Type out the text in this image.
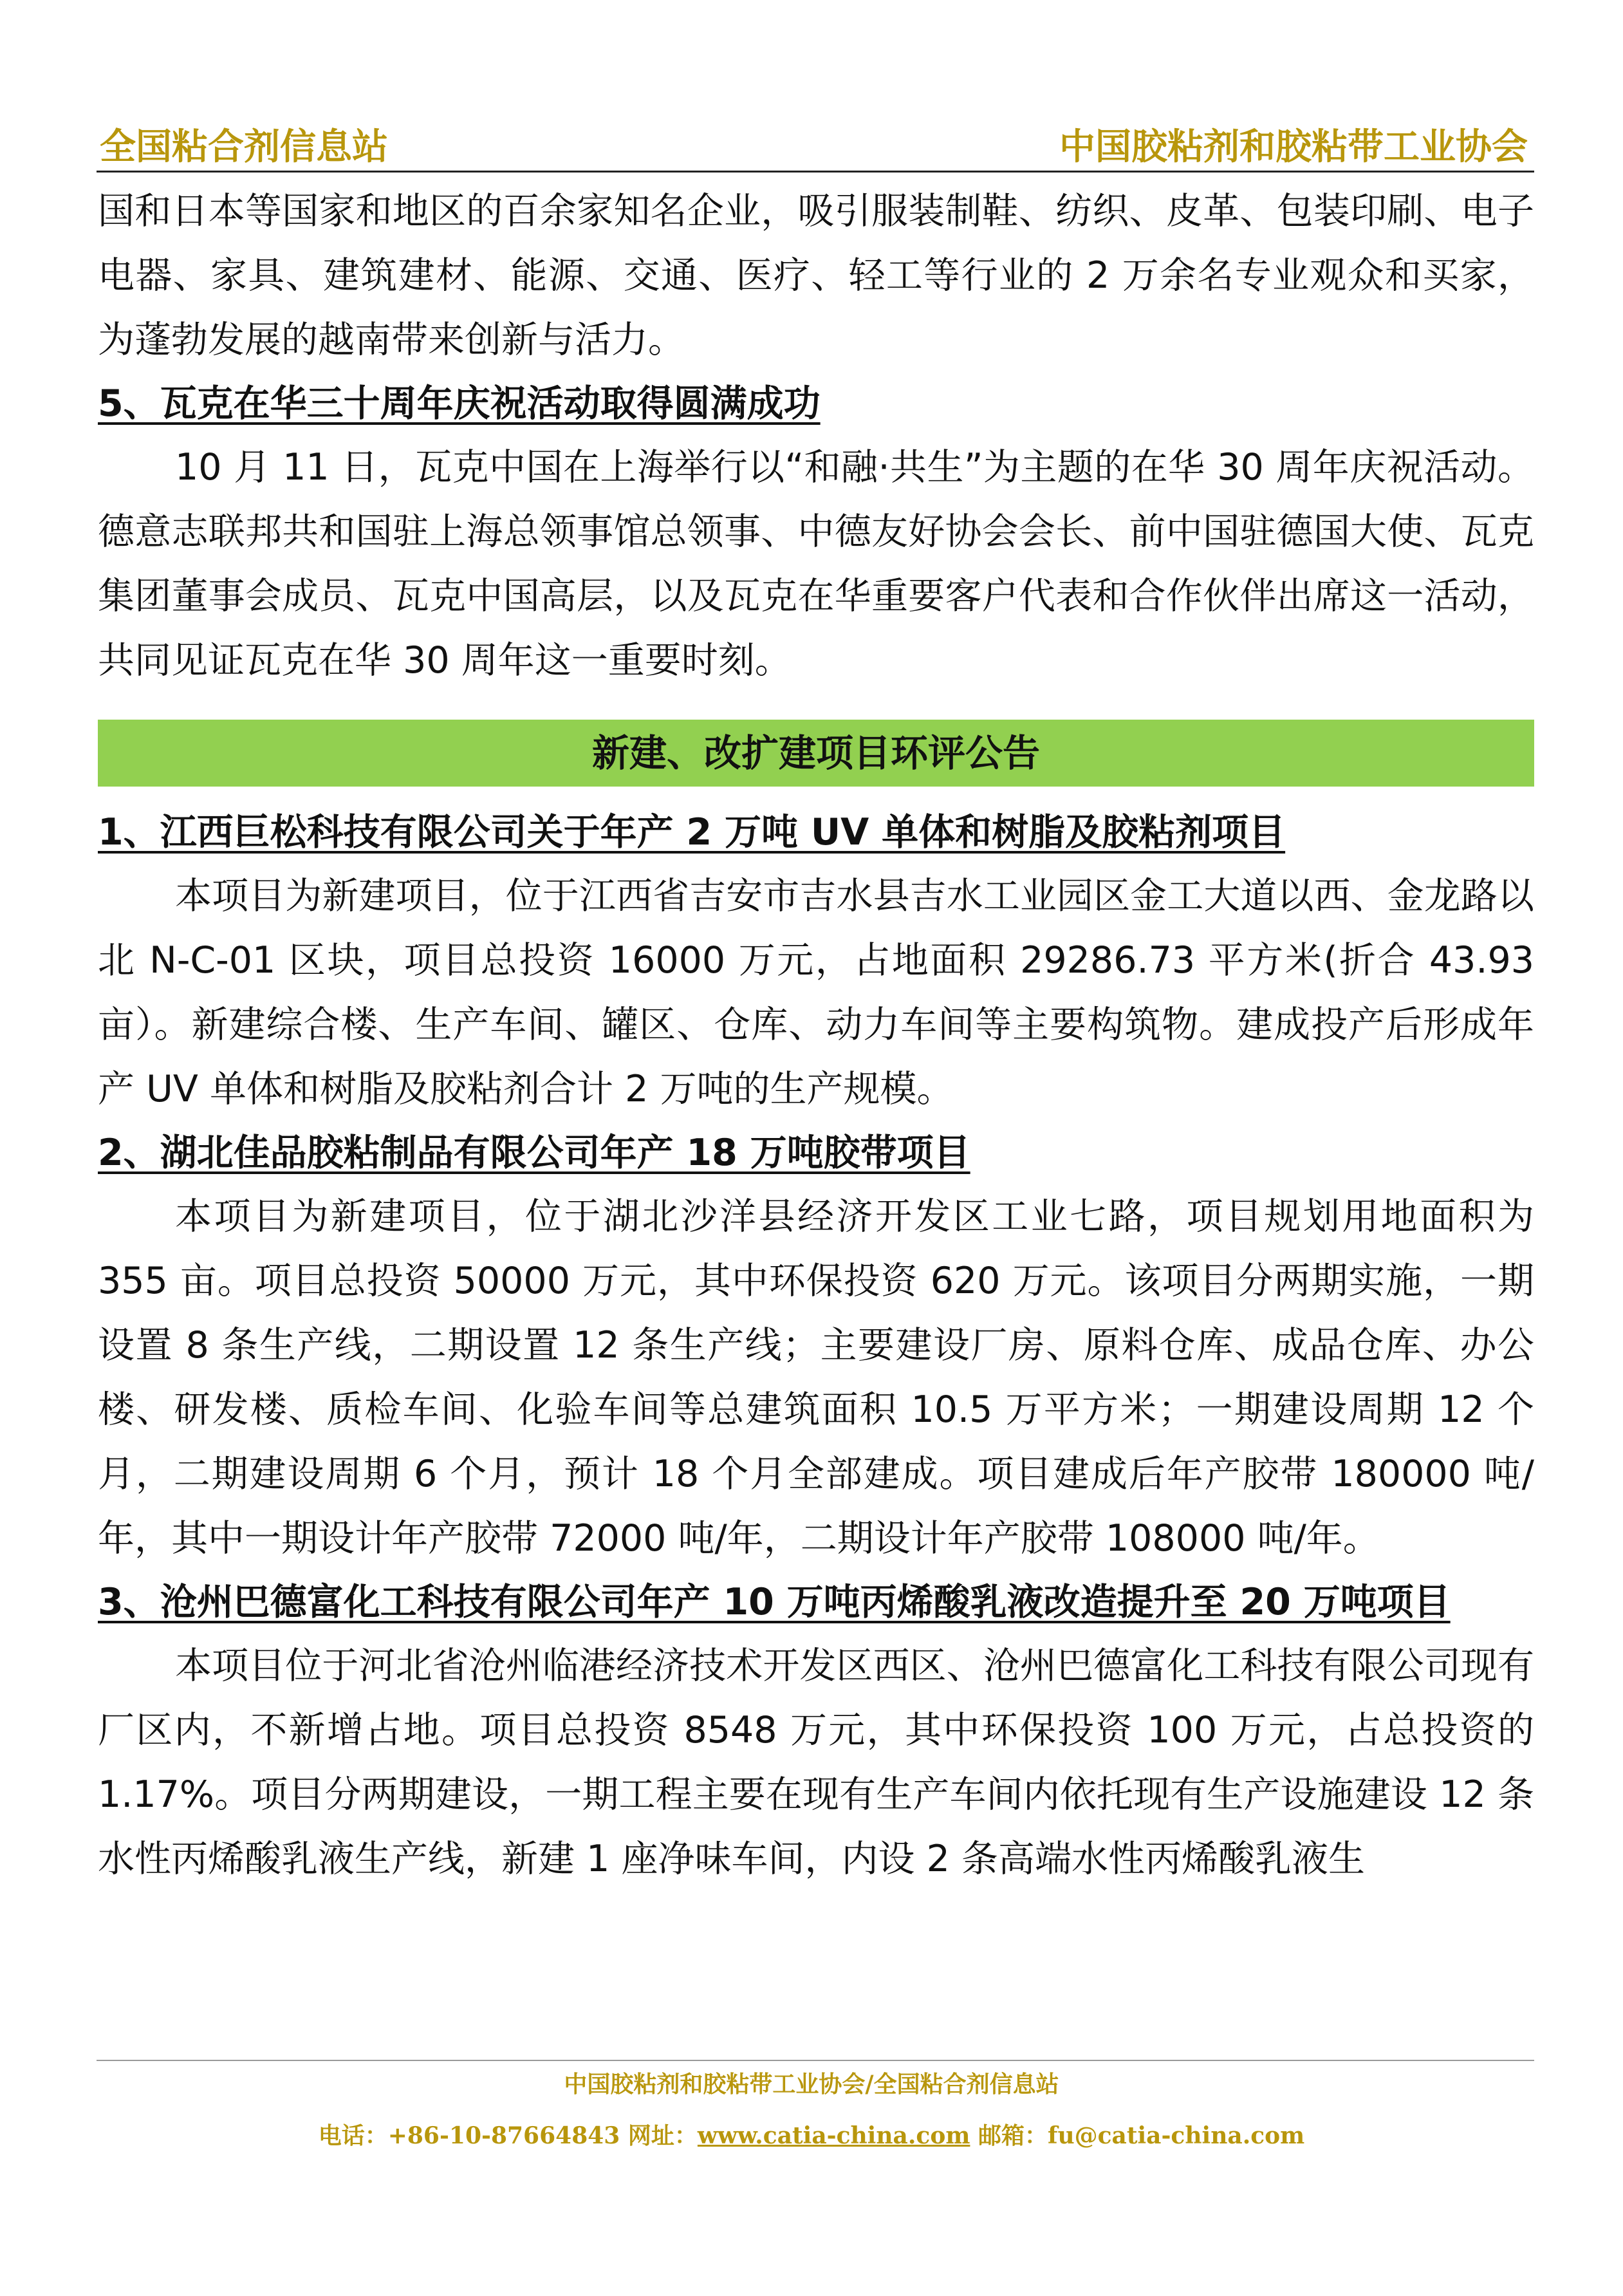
全国粘合剂信息站	中国胶粘剂和胶粘带工业协会

国和日本等国家和地区的百余家知名企业，吸引服装制鞋、纺织、皮革、包装印刷、电子电器、家具、建筑建材、能源、交通、医疗、轻工等行业的 2 万余名专业观众和买家，为蓬勃发展的越南带来创新与活力。

5、瓦克在华三十周年庆祝活动取得圆满成功

10 月 11 日，瓦克中国在上海举行以“和融·共生”为主题的在华 30 周年庆祝活动。德意志联邦共和国驻上海总领事馆总领事、中德友好协会会长、前中国驻德国大使、瓦克集团董事会成员、瓦克中国高层，以及瓦克在华重要客户代表和合作伙伴出席这一活动，共同见证瓦克在华 30 周年这一重要时刻。

新建、改扩建项目环评公告
1、江西巨松科技有限公司关于年产 2 万吨 UV 单体和树脂及胶粘剂项目

本项目为新建项目，位于江西省吉安市吉水县吉水工业园区金工大道以西、金龙路以北 N-C-01 区块，项目总投资 16000 万元，占地面积 29286.73 平方米(折合 43.93 亩）。新建综合楼、生产车间、罐区、仓库、动力车间等主要构筑物。建成投产后形成年产 UV 单体和树脂及胶粘剂合计 2 万吨的生产规模。

2、湖北佳品胶粘制品有限公司年产 18 万吨胶带项目

本项目为新建项目，位于湖北沙洋县经济开发区工业七路，项目规划用地面积为 355 亩。项目总投资 50000 万元，其中环保投资 620 万元。该项目分两期实施，一期设置 8 条生产线，二期设置 12 条生产线；主要建设厂房、原料仓库、成品仓库、办公楼、研发楼、质检车间、化验车间等总建筑面积 10.5 万平方米；一期建设周期 12 个月，二期建设周期 6 个月，预计 18 个月全部建成。项目建成后年产胶带 180000 吨/年，其中一期设计年产胶带 72000 吨/年，二期设计年产胶带 108000 吨/年。

3、沧州巴德富化工科技有限公司年产 10 万吨丙烯酸乳液改造提升至 20 万吨项目

本项目位于河北省沧州临港经济技术开发区西区、沧州巴德富化工科技有限公司现有厂区内，不新增占地。项目总投资 8548 万元，其中环保投资 100 万元，占总投资的 1.17%。项目分两期建设，一期工程主要在现有生产车间内依托现有生产设施建设 12 条水性丙烯酸乳液生产线，新建 1 座净味车间，内设 2 条高端水性丙烯酸乳液生

中国胶粘剂和胶粘带工业协会/全国粘合剂信息站
电话：+86-10-87664843 网址：www.catia-china.com 邮箱：fu@catia-china.com
